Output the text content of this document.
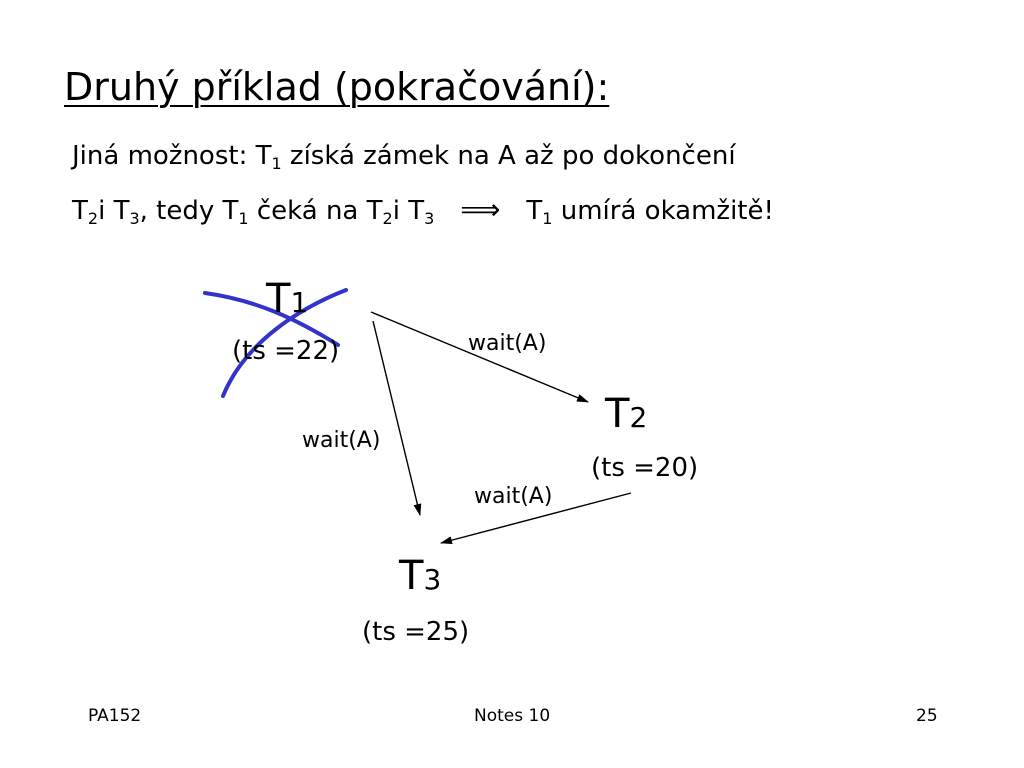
Druhý příklad (pokračování):
Jiná možnost: $T_1$ získá zámek na A až po dokončení
$T_2i$ $T_3$, tedy $T_1$ čeká na $T_2i$ $T_3$ ⟹ $T_1$ umírá okamžitě!
T1
(ts =22)
T2
(ts =20)
T3
(ts =25)
wait(A)
wait(A)
wait(A)
PA152	Notes 10	25
